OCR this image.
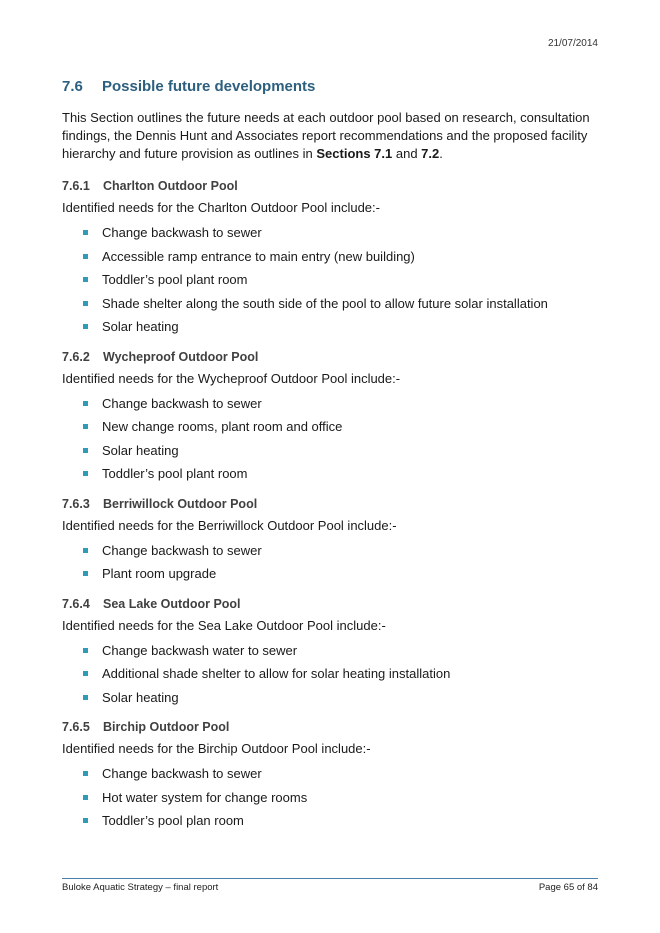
21/07/2014
7.6	Possible future developments

This Section outlines the future needs at each outdoor pool based on research, consultation findings, the Dennis Hunt and Associates report recommendations and the proposed facility hierarchy and future provision as outlines in Sections 7.1 and 7.2.

7.6.1	Charlton Outdoor Pool
Identified needs for the Charlton Outdoor Pool include:-
Change backwash to sewer
Accessible ramp entrance to main entry (new building)
Toddler’s pool plant room
Shade shelter along the south side of the pool to allow future solar installation
Solar heating
7.6.2	Wycheproof Outdoor Pool
Identified needs for the Wycheproof Outdoor Pool include:-
Change backwash to sewer
New change rooms, plant room and office
Solar heating
Toddler’s pool plant room
7.6.3	Berriwillock Outdoor Pool
Identified needs for the Berriwillock Outdoor Pool include:-
Change backwash to sewer
Plant room upgrade
7.6.4	Sea Lake Outdoor Pool
Identified needs for the Sea Lake Outdoor Pool include:-
Change backwash water to sewer
Additional shade shelter to allow for solar heating installation
Solar heating
7.6.5	Birchip Outdoor Pool
Identified needs for the Birchip Outdoor Pool include:-
Change backwash to sewer
Hot water system for change rooms
Toddler’s pool plan room
Buloke Aquatic Strategy – final report	Page 65 of 84
